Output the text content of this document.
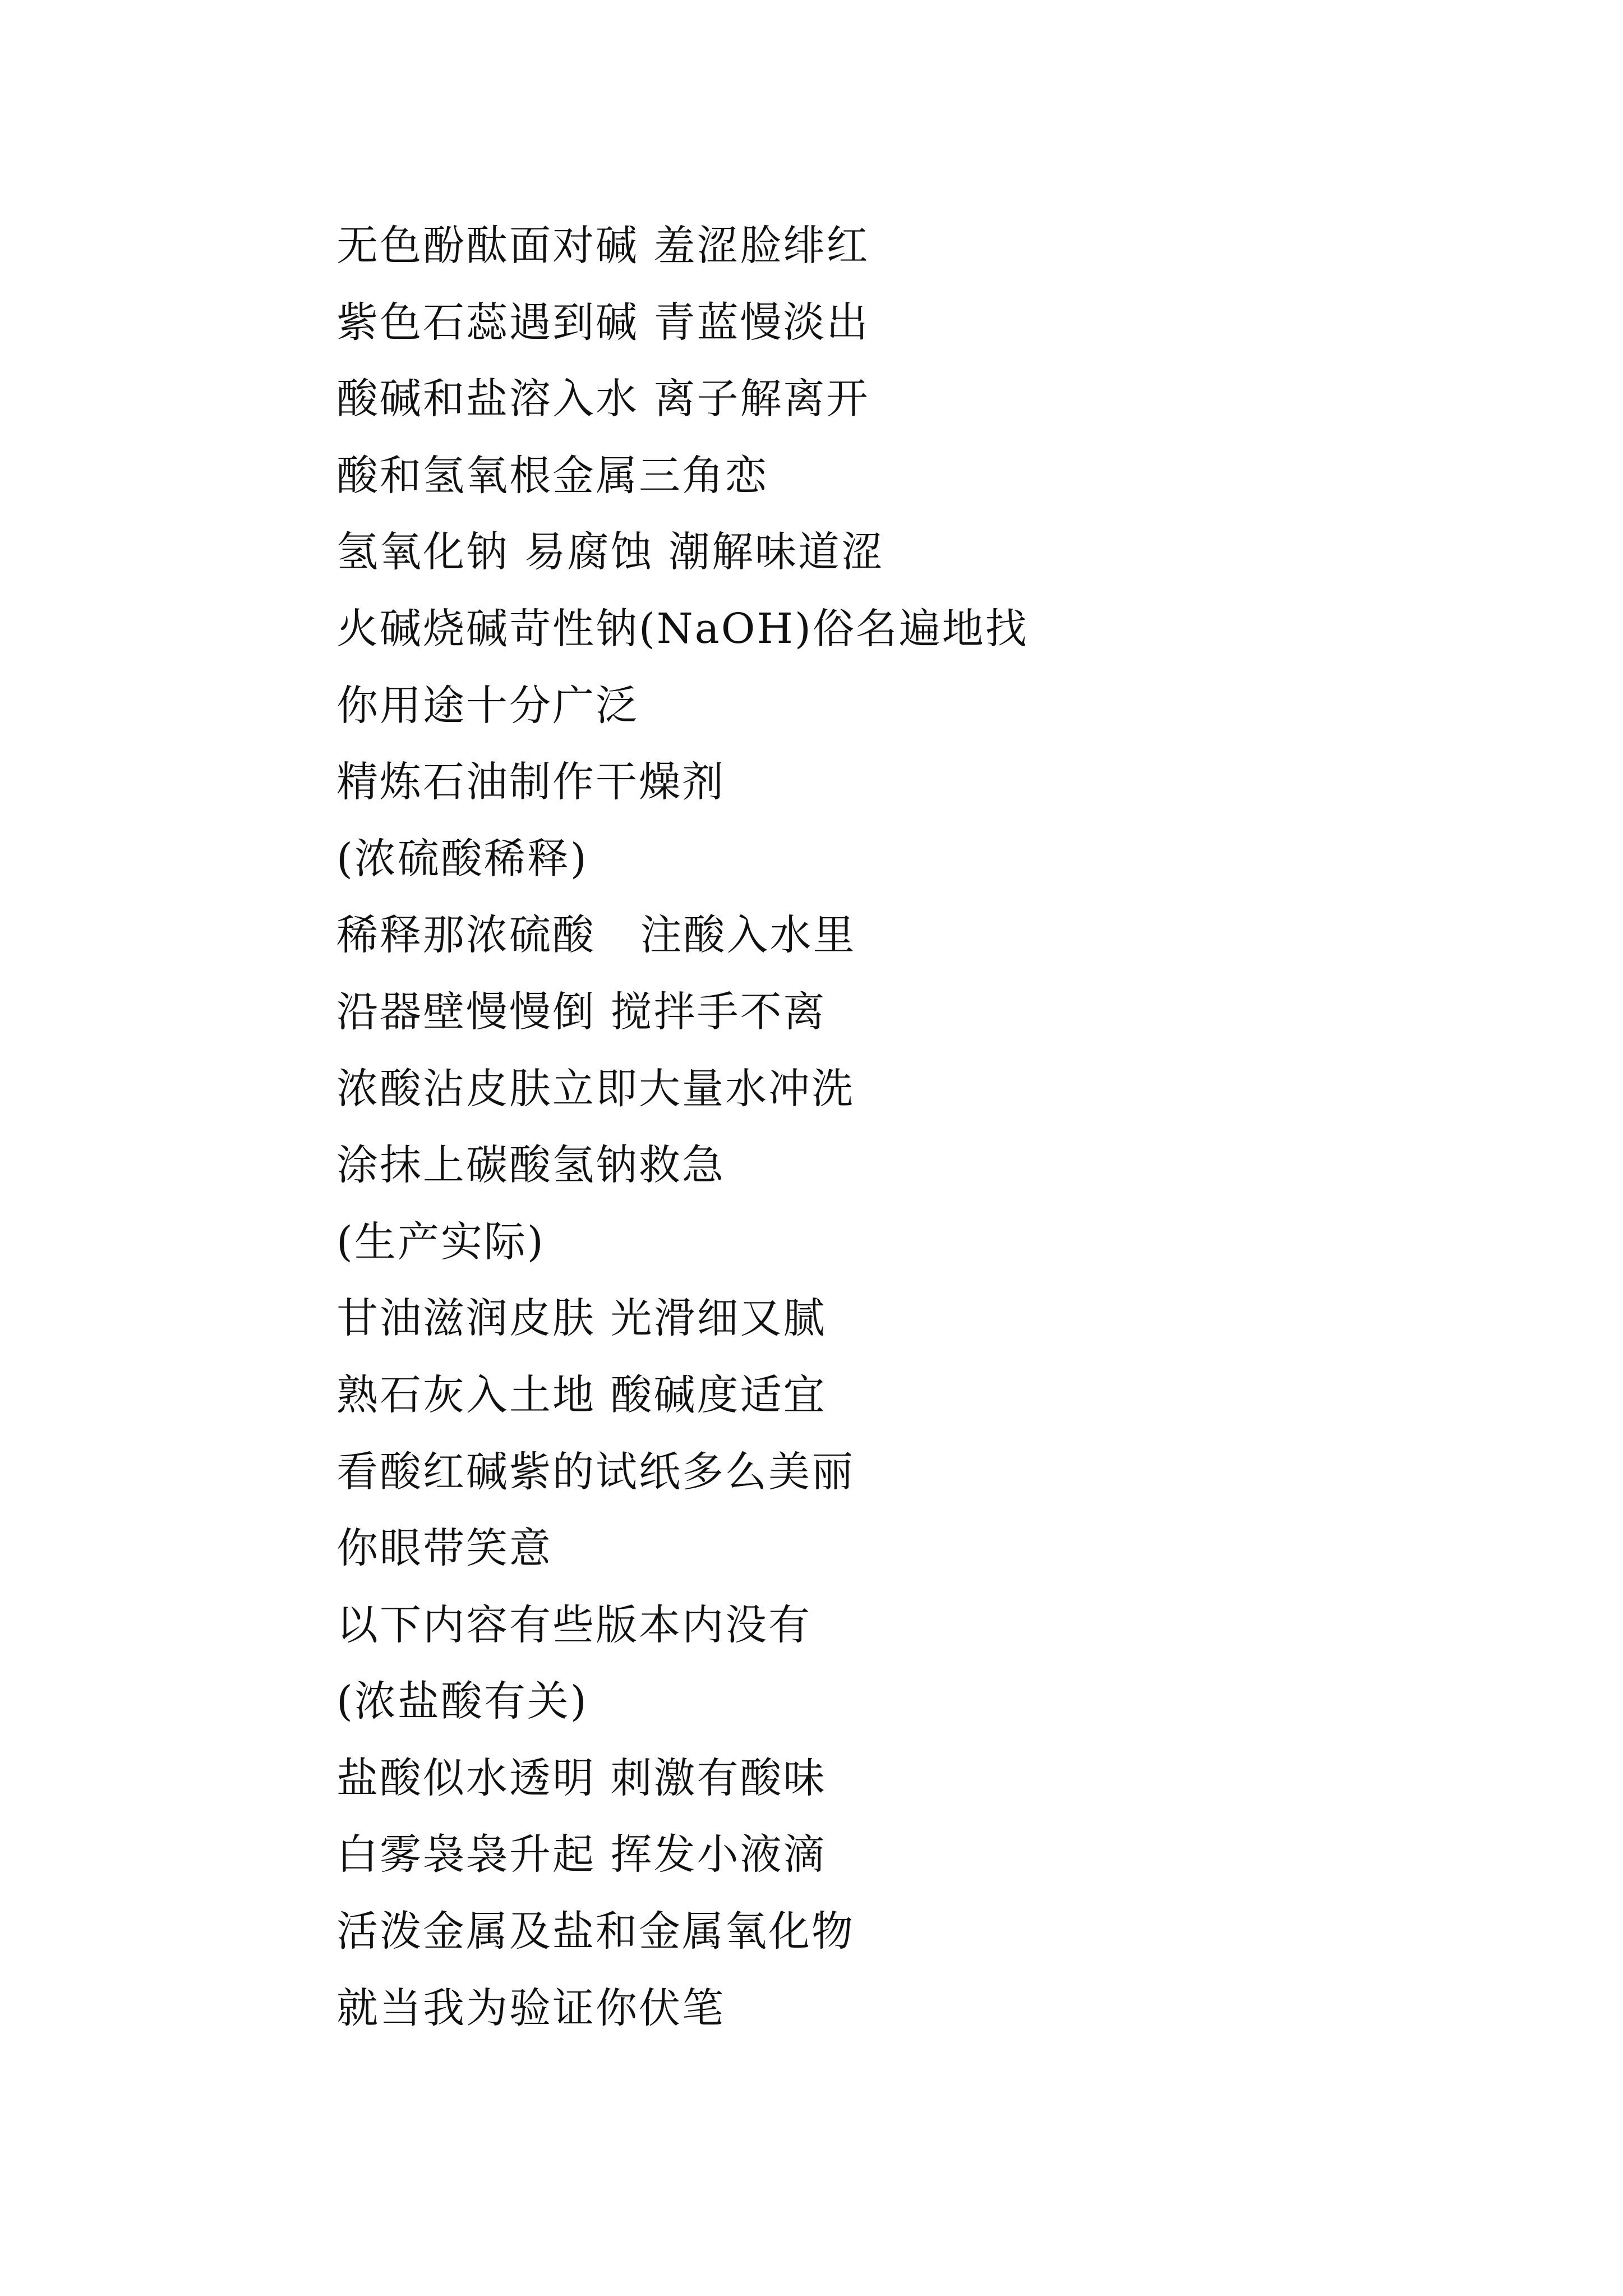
无色酚酞面对碱 羞涩脸绯红
紫色石蕊遇到碱 青蓝慢淡出
酸碱和盐溶入水 离子解离开
酸和氢氧根金属三角恋
氢氧化钠 易腐蚀 潮解味道涩
火碱烧碱苛性钠(NaOH)俗名遍地找
你用途十分广泛
精炼石油制作干燥剂
(浓硫酸稀释)
稀释那浓硫酸   注酸入水里
沿器壁慢慢倒 搅拌手不离
浓酸沾皮肤立即大量水冲洗
涂抹上碳酸氢钠救急
(生产实际)
甘油滋润皮肤 光滑细又腻
熟石灰入土地 酸碱度适宜
看酸红碱紫的试纸多么美丽
你眼带笑意
以下内容有些版本内没有
(浓盐酸有关)
盐酸似水透明 刺激有酸味
白雾袅袅升起 挥发小液滴
活泼金属及盐和金属氧化物
就当我为验证你伏笔
